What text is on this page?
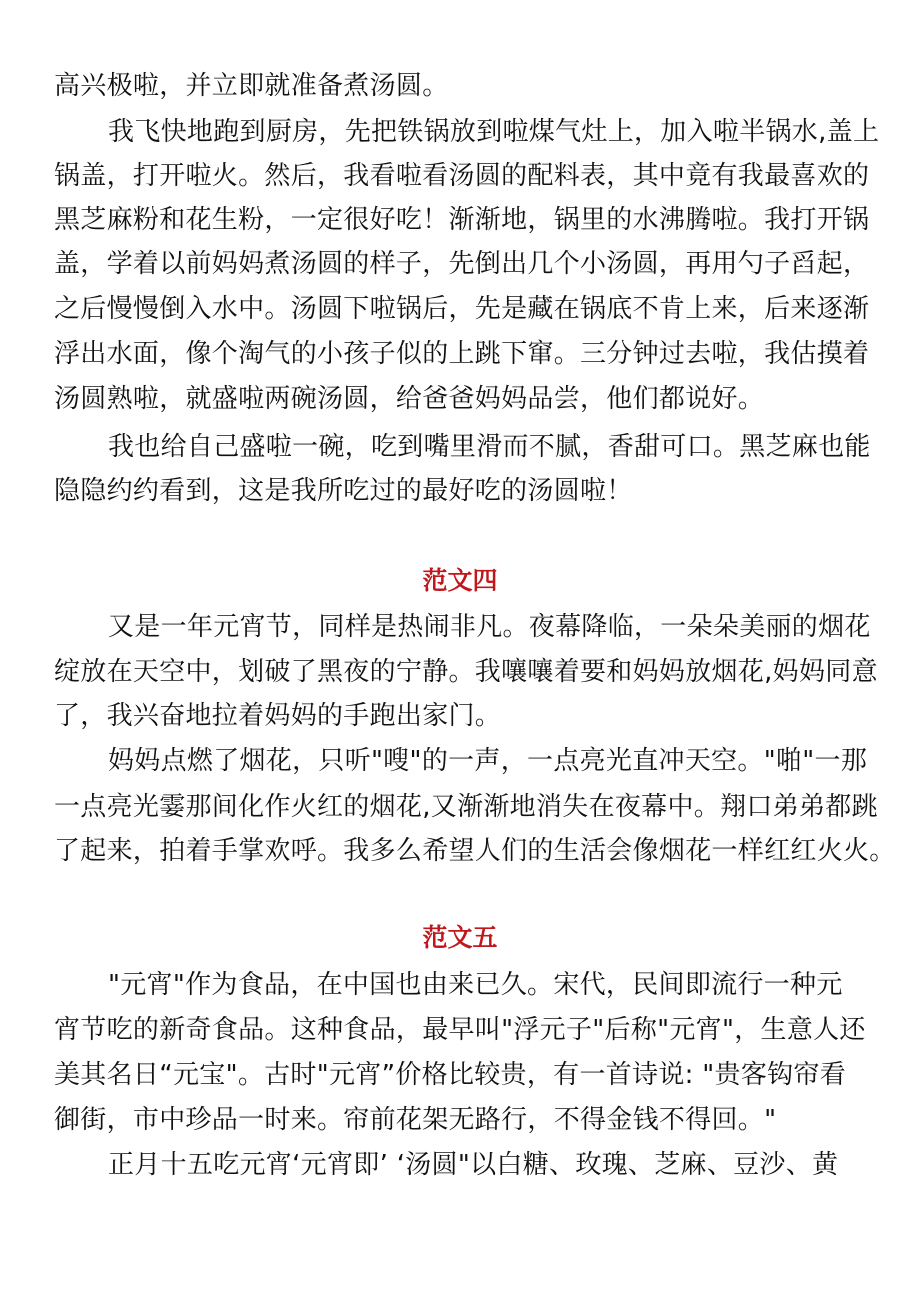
高兴极啦，并立即就准备煮汤圆。
我飞快地跑到厨房，先把铁锅放到啦煤气灶上，加入啦半锅水,盖上
锅盖，打开啦火。然后，我看啦看汤圆的配料表，其中竟有我最喜欢的
黑芝麻粉和花生粉，一定很好吃！渐渐地，锅里的水沸腾啦。我打开锅
盖，学着以前妈妈煮汤圆的样子，先倒出几个小汤圆，再用勺子舀起，
之后慢慢倒入水中。汤圆下啦锅后，先是藏在锅底不肯上来，后来逐渐
浮出水面，像个淘气的小孩子似的上跳下窜。三分钟过去啦，我估摸着
汤圆熟啦，就盛啦两碗汤圆，给爸爸妈妈品尝，他们都说好。
我也给自己盛啦一碗，吃到嘴里滑而不腻，香甜可口。黑芝麻也能
隐隐约约看到，这是我所吃过的最好吃的汤圆啦！
范文四
又是一年元宵节，同样是热闹非凡。夜幕降临，一朵朵美丽的烟花
绽放在天空中，划破了黑夜的宁静。我嚷嚷着要和妈妈放烟花,妈妈同意
了，我兴奋地拉着妈妈的手跑出家门。
妈妈点燃了烟花，只听"嗖"的一声，一点亮光直冲天空。"啪"一那
一点亮光霎那间化作火红的烟花,又渐渐地消失在夜幕中。翔口弟弟都跳
了起来，拍着手掌欢呼。我多么希望人们的生活会像烟花一样红红火火。
范文五
"元宵"作为食品，在中国也由来已久。宋代，民间即流行一种元
宵节吃的新奇食品。这种食品，最早叫"浮元子"后称"元宵"，生意人还
美其名日“元宝"。古时"元宵”价格比较贵，有一首诗说: "贵客钩帘看
御街，市中珍品一时来。帘前花架无路行，不得金钱不得回。"
正月十五吃元宵‘元宵即’ ‘汤圆"以白糖、玫瑰、芝麻、豆沙、黄
